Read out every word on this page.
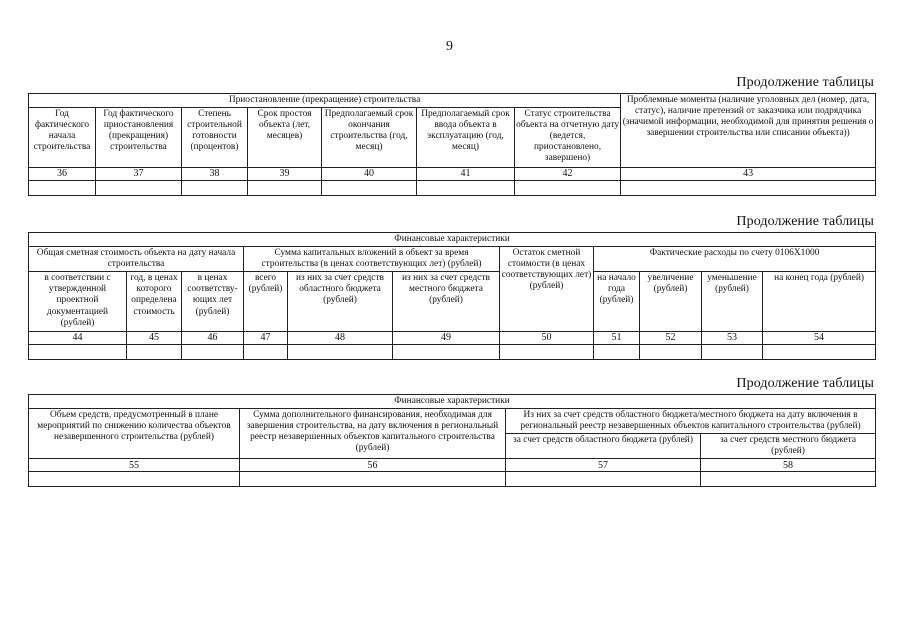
9
Продолжение таблицы
Приостановление (прекращение) строительства							Проблемные моменты (наличие уголовных дел (номер, дата, статус), наличие претензий от заказчика или подрядчика (значимой информации, необходимой для принятия решения о завершении строительства или списании объекта))
Год фактического начала строительства	Год фактического приостановления (прекращения) строительства	Степень строительной готовности (процентов)	Срок простоя объекта (лет, месяцев)	Предполагаемый срок окончания строительства (год, месяц)	Предполагаемый срок ввода объекта в эксплуатацию (год, месяц)	Статус строительства объекта на отчетную дату (ведется, приостановлено, завершено)	
36	37	38	39	40	41	42	43

Продолжение таблицы
Финансовые характеристики										
Общая сметная стоимость объекта на дату начала строительства			Сумма капитальных вложений в объект за время строительства (в ценах соответствующих лет) (рублей)			Остаток сметной стоимости (в ценах соответствующих лет) (рублей)	Фактические расходы по счету 0106Х1000			
в соответствии с утвержденной проектной документацией (рублей)	год, в ценах которого определена стоимость	в ценах соответству-ющих лет (рублей)	всего (рублей)	из них за счет средств областного бюджета (рублей)	из них за счет средств местного бюджета (рублей)		на начало года (рублей)	увеличение (рублей)	уменьшение (рублей)	на конец года (рублей)
44	45	46	47	48	49	50	51	52	53	54

Продолжение таблицы
Финансовые характеристики			
Объем средств, предусмотренный в плане мероприятий по снижению количества объектов незавершенного строительства (рублей)	Сумма дополнительного финансирования, необходимая для завершения строительства, на дату включения в региональный реестр незавершенных объектов капитального строительства (рублей)	Из них за счет средств областного бюджета/местного бюджета на дату включения в региональный реестр незавершенных объектов капитального строительства (рублей)	
		за счет средств областного бюджета (рублей)	за счет средств местного бюджета (рублей)
55	56	57	58
